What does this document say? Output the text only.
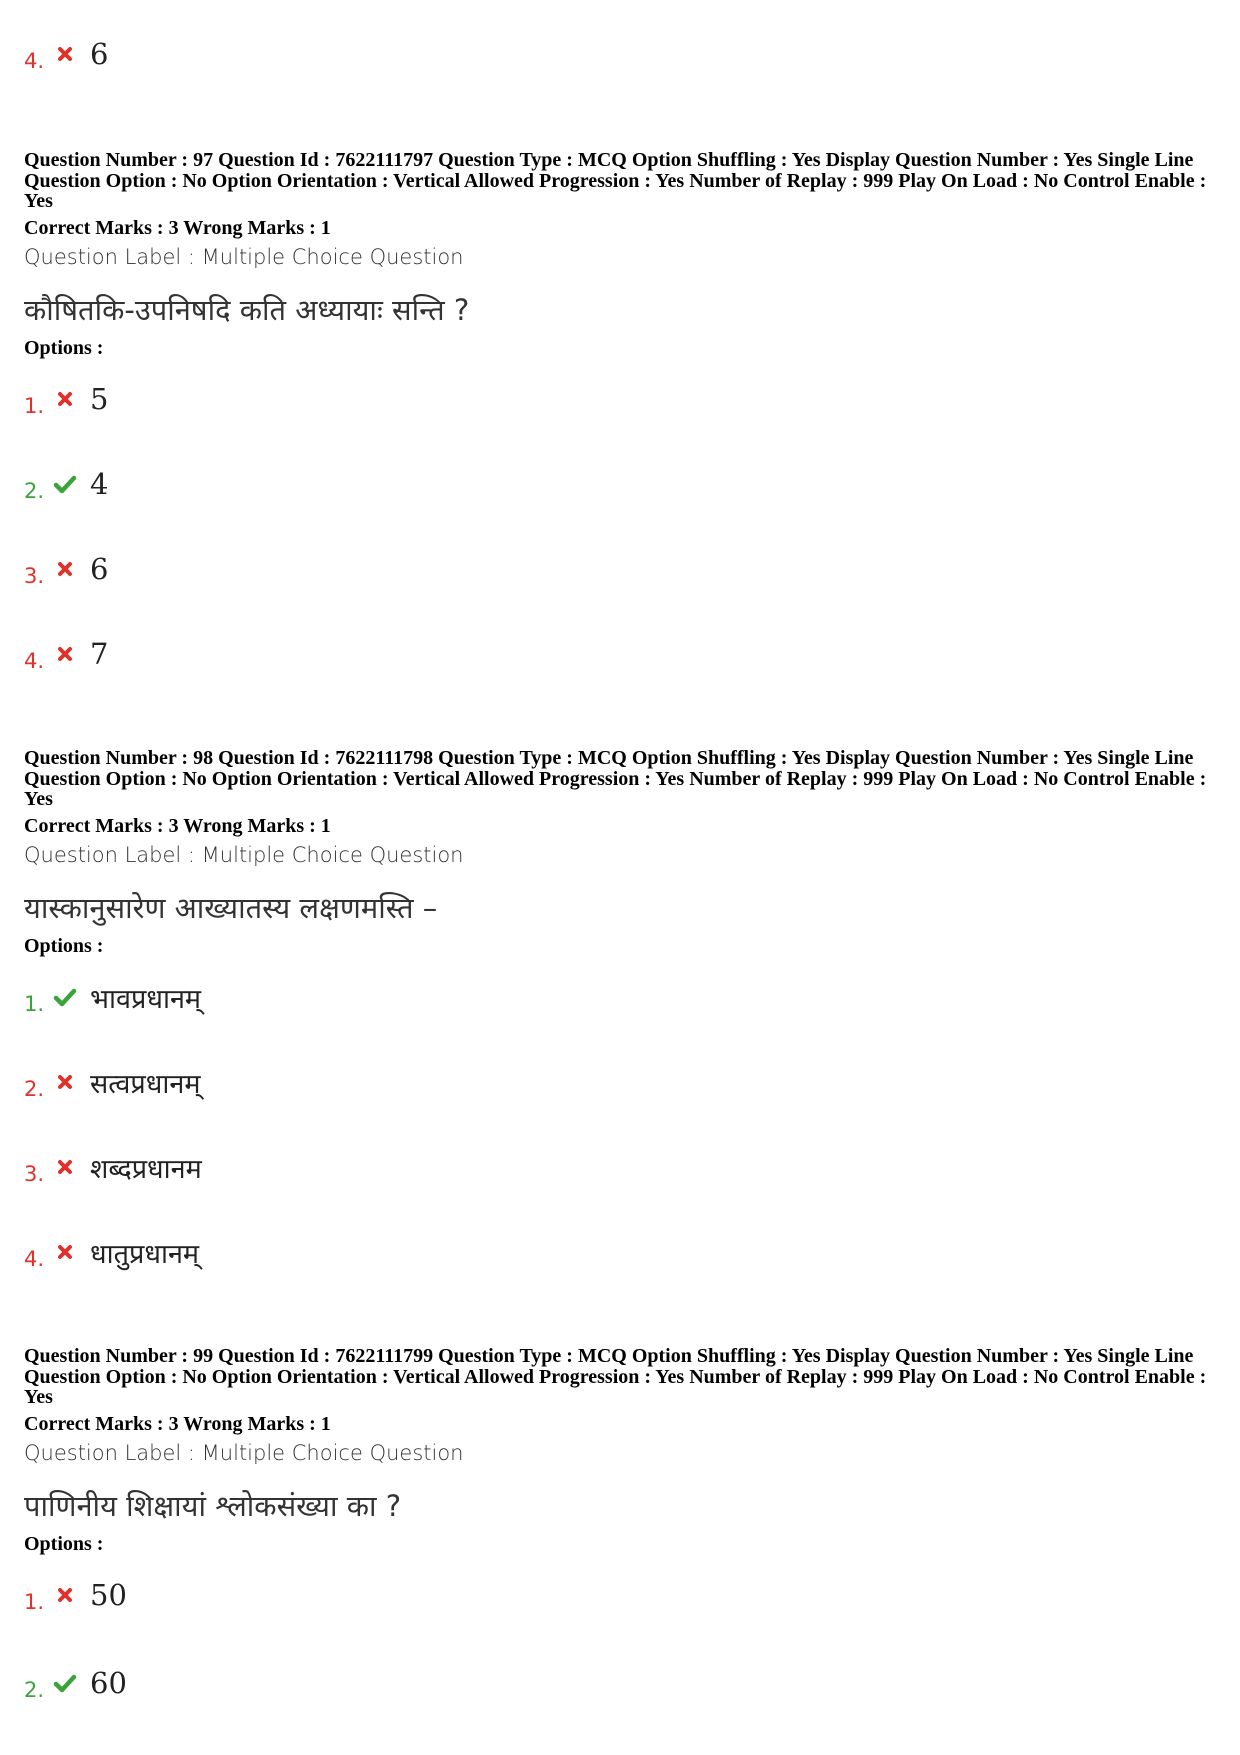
4. 6
Question Number : 97 Question Id : 7622111797 Question Type : MCQ Option Shuffling : Yes Display Question Number : Yes Single Line Question Option : No Option Orientation : Vertical Allowed Progression : Yes Number of Replay : 999 Play On Load : No Control Enable : Yes
Correct Marks : 3 Wrong Marks : 1
Question Label : Multiple Choice Question
कौषितकि-उपनिषदि कति अध्यायाः सन्ति ?
Options :
1. 5
2. 4
3. 6
4. 7
Question Number : 98 Question Id : 7622111798 Question Type : MCQ Option Shuffling : Yes Display Question Number : Yes Single Line Question Option : No Option Orientation : Vertical Allowed Progression : Yes Number of Replay : 999 Play On Load : No Control Enable : Yes
Correct Marks : 3 Wrong Marks : 1
Question Label : Multiple Choice Question
यास्कानुसारेण आख्यातस्य लक्षणमस्ति –
Options :
1. भावप्रधानम्
2. सत्वप्रधानम्
3. शब्दप्रधानम
4. धातुप्रधानम्
Question Number : 99 Question Id : 7622111799 Question Type : MCQ Option Shuffling : Yes Display Question Number : Yes Single Line Question Option : No Option Orientation : Vertical Allowed Progression : Yes Number of Replay : 999 Play On Load : No Control Enable : Yes
Correct Marks : 3 Wrong Marks : 1
Question Label : Multiple Choice Question
पाणिनीय शिक्षायां श्लोकसंख्या का ?
Options :
1. 50
2. 60
